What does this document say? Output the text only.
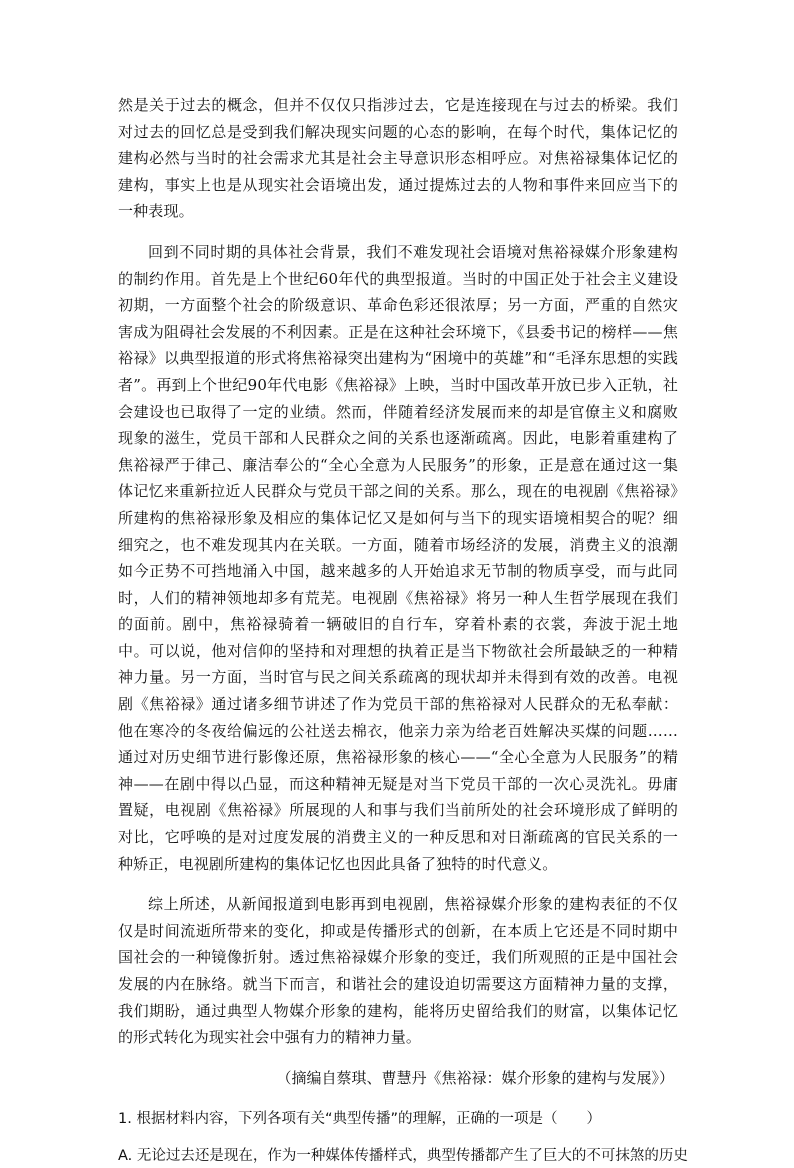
然是关于过去的概念，但并不仅仅只指涉过去，它是连接现在与过去的桥梁。我们对过去的回忆总是受到我们解决现实问题的心态的影响，在每个时代，集体记忆的建构必然与当时的社会需求尤其是社会主导意识形态相呼应。对焦裕禄集体记忆的建构，事实上也是从现实社会语境出发，通过提炼过去的人物和事件来回应当下的一种表现。

回到不同时期的具体社会背景，我们不难发现社会语境对焦裕禄媒介形象建构的制约作用。首先是上个世纪60年代的典型报道。当时的中国正处于社会主义建设初期，一方面整个社会的阶级意识、革命色彩还很浓厚；另一方面，严重的自然灾害成为阻碍社会发展的不利因素。正是在这种社会环境下，《县委书记的榜样——焦裕禄》以典型报道的形式将焦裕禄突出建构为“困境中的英雄”和“毛泽东思想的实践者”。再到上个世纪90年代电影《焦裕禄》上映，当时中国改革开放已步入正轨，社会建设也已取得了一定的业绩。然而，伴随着经济发展而来的却是官僚主义和腐败现象的滋生，党员干部和人民群众之间的关系也逐渐疏离。因此，电影着重建构了焦裕禄严于律己、廉洁奉公的“全心全意为人民服务”的形象，正是意在通过这一集体记忆来重新拉近人民群众与党员干部之间的关系。那么，现在的电视剧《焦裕禄》所建构的焦裕禄形象及相应的集体记忆又是如何与当下的现实语境相契合的呢？细细究之，也不难发现其内在关联。一方面，随着市场经济的发展，消费主义的浪潮如今正势不可挡地涌入中国，越来越多的人开始追求无节制的物质享受，而与此同时，人们的精神领地却多有荒芜。电视剧《焦裕禄》将另一种人生哲学展现在我们的面前。剧中，焦裕禄骑着一辆破旧的自行车，穿着朴素的衣裳，奔波于泥土地中。可以说，他对信仰的坚持和对理想的执着正是当下物欲社会所最缺乏的一种精神力量。另一方面，当时官与民之间关系疏离的现状却并未得到有效的改善。电视剧《焦裕禄》通过诸多细节讲述了作为党员干部的焦裕禄对人民群众的无私奉献：他在寒冷的冬夜给偏远的公社送去棉衣，他亲力亲为给老百姓解决买煤的问题……通过对历史细节进行影像还原，焦裕禄形象的核心——“全心全意为人民服务”的精神——在剧中得以凸显，而这种精神无疑是对当下党员干部的一次心灵洗礼。毋庸置疑，电视剧《焦裕禄》所展现的人和事与我们当前所处的社会环境形成了鲜明的对比，它呼唤的是对过度发展的消费主义的一种反思和对日渐疏离的官民关系的一种矫正，电视剧所建构的集体记忆也因此具备了独特的时代意义。

综上所述，从新闻报道到电影再到电视剧，焦裕禄媒介形象的建构表征的不仅仅是时间流逝所带来的变化，抑或是传播形式的创新，在本质上它还是不同时期中国社会的一种镜像折射。透过焦裕禄媒介形象的变迁，我们所观照的正是中国社会发展的内在脉络。就当下而言，和谐社会的建设迫切需要这方面精神力量的支撑，我们期盼，通过典型人物媒介形象的建构，能将历史留给我们的财富，以集体记忆的形式转化为现实社会中强有力的精神力量。

（摘编自蔡琪、曹慧丹《焦裕禄：媒介形象的建构与发展》）

1. 根据材料内容，下列各项有关“典型传播”的理解，正确的一项是（　　）

A. 无论过去还是现在，作为一种媒体传播样式，典型传播都产生了巨大的不可抹煞的历史
